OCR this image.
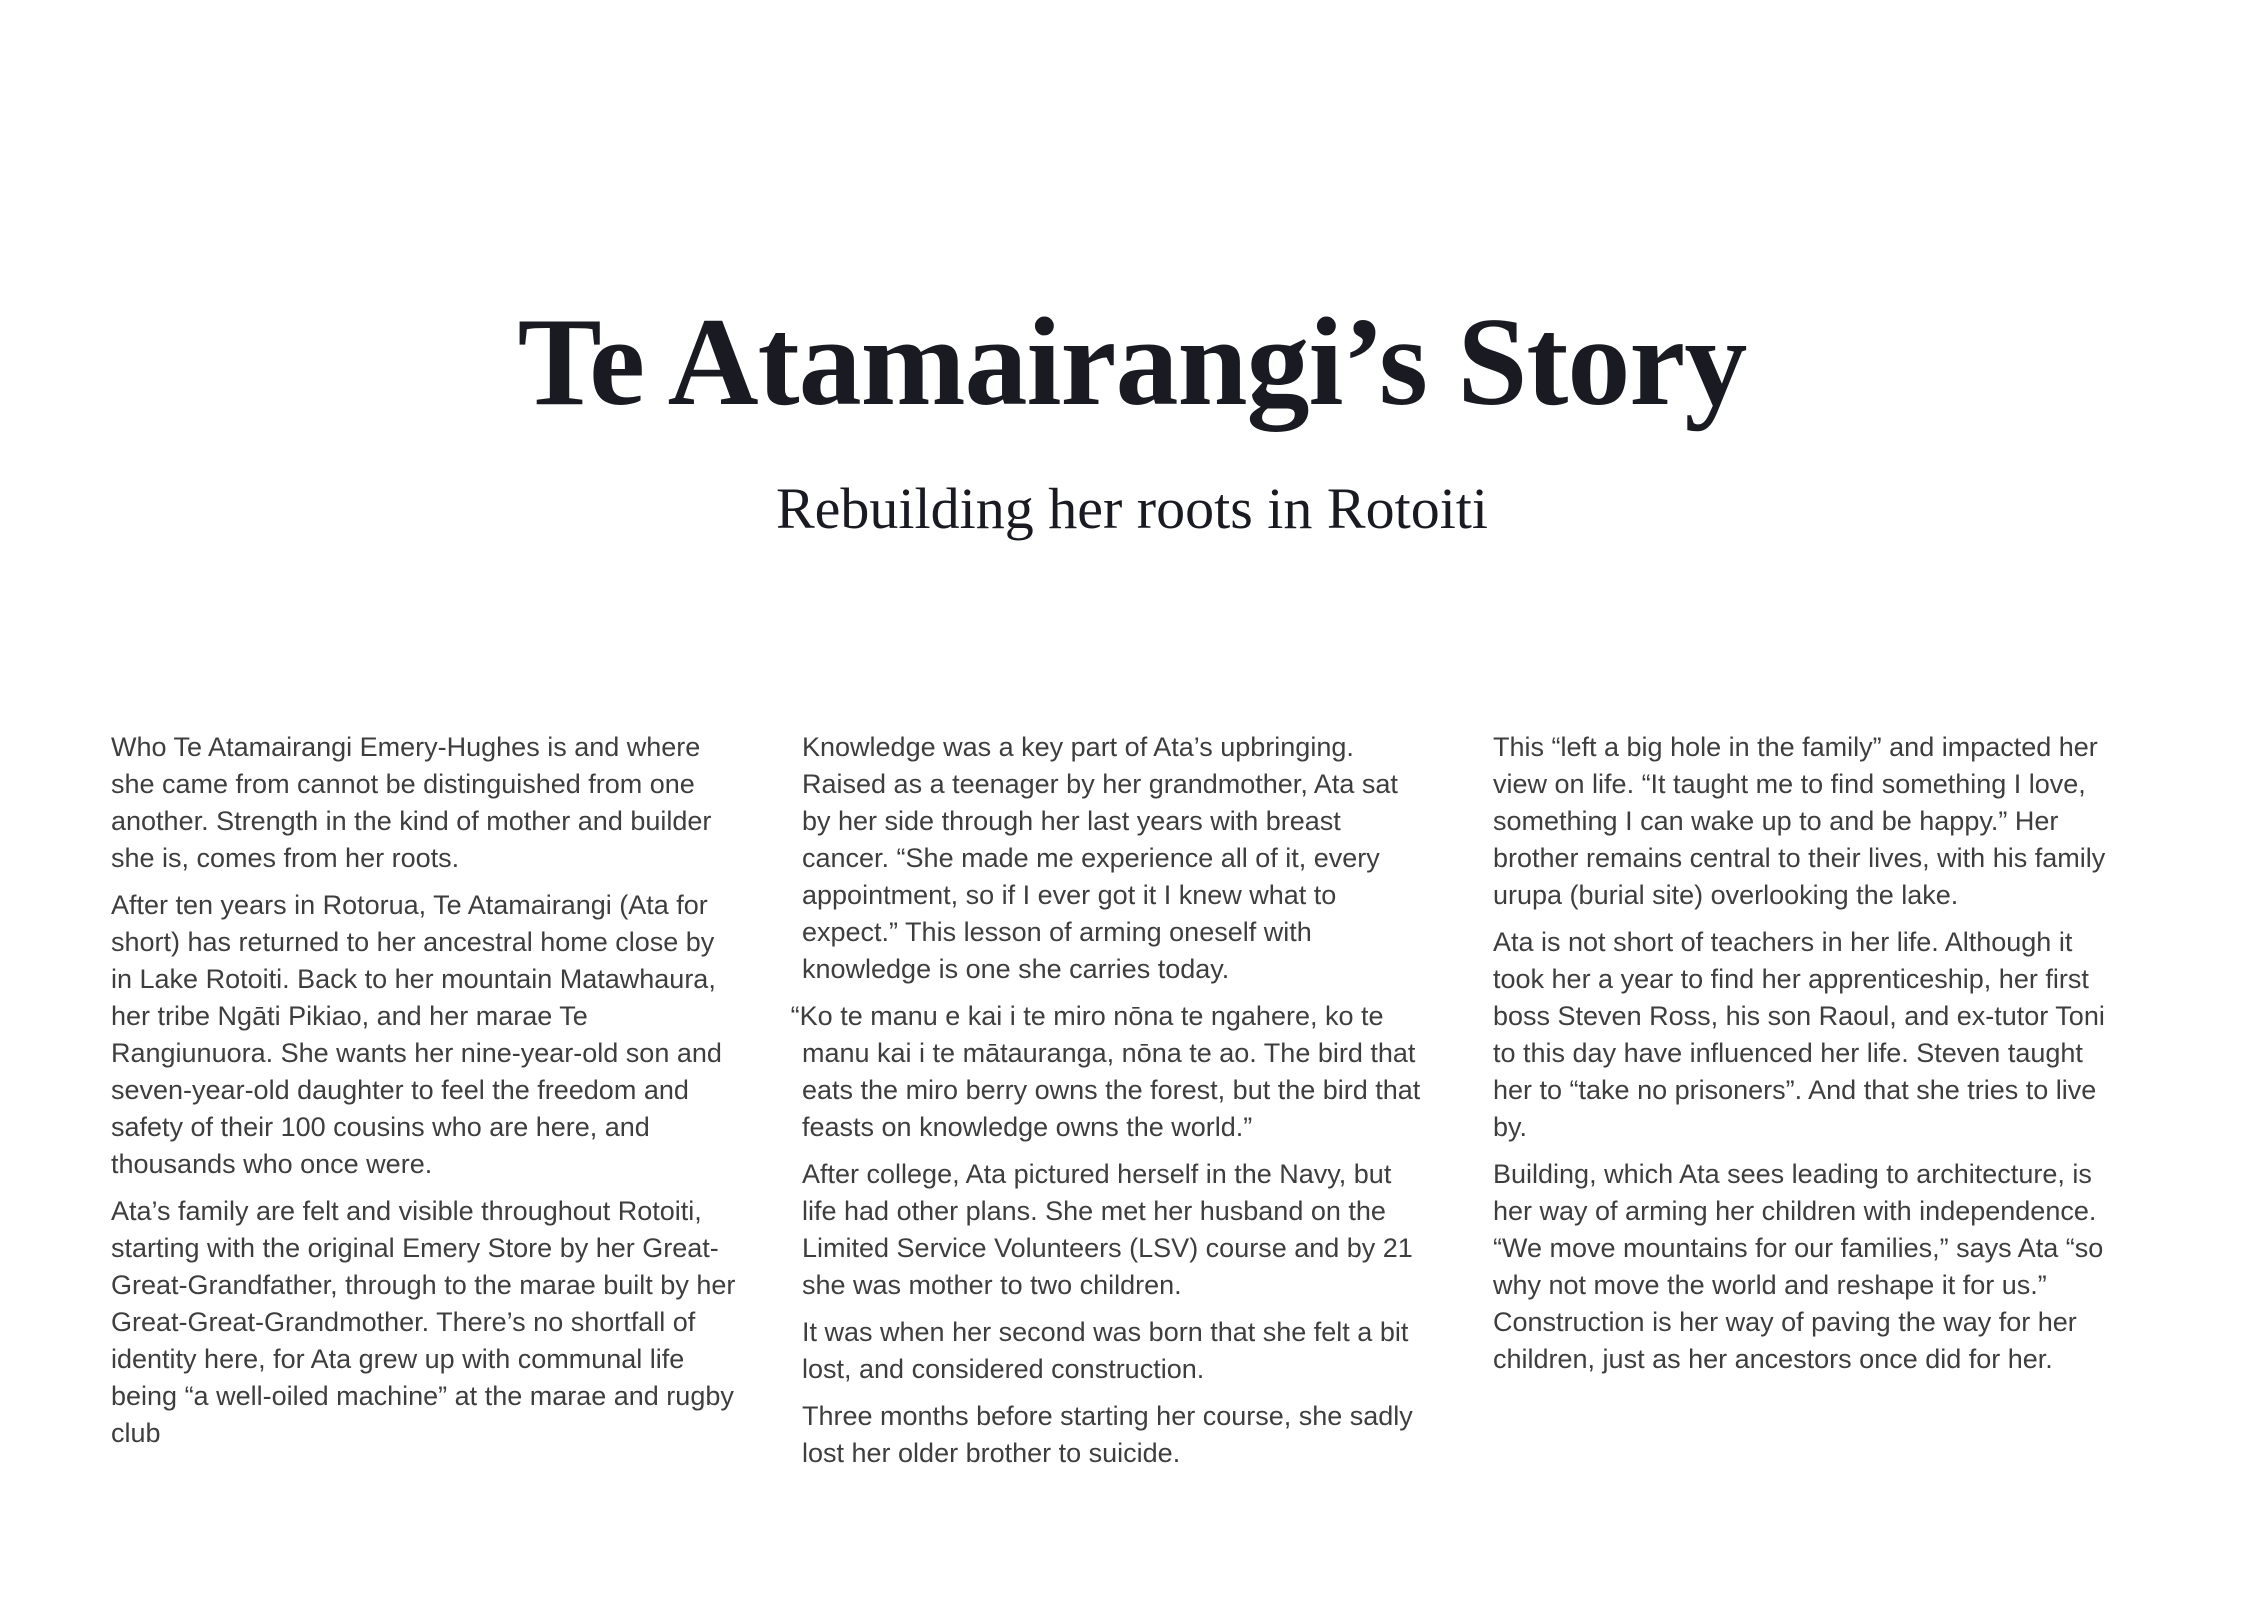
Te Atamairangi’s Story
Rebuilding her roots in Rotoiti

Who Te Atamairangi Emery-Hughes is and where she came from cannot be distinguished from one another. Strength in the kind of mother and builder she is, comes from her roots.

After ten years in Rotorua, Te Atamairangi (Ata for short) has returned to her ancestral home close by in Lake Rotoiti. Back to her mountain Matawhaura, her tribe Ngāti Pikiao, and her marae Te Rangiunuora. She wants her nine-year-old son and seven-year-old daughter to feel the freedom and safety of their 100 cousins who are here, and thousands who once were.

Ata’s family are felt and visible throughout Rotoiti, starting with the original Emery Store by her Great-Great-Grandfather, through to the marae built by her Great-Great-Grandmother. There’s no shortfall of identity here, for Ata grew up with communal life being “a well-oiled machine” at the marae and rugby club

Knowledge was a key part of Ata’s upbringing. Raised as a teenager by her grandmother, Ata sat by her side through her last years with breast cancer. “She made me experience all of it, every appointment, so if I ever got it I knew what to expect.” This lesson of arming oneself with knowledge is one she carries today.

“Ko te manu e kai i te miro nōna te ngahere, ko te manu kai i te mātauranga, nōna te ao. The bird that eats the miro berry owns the forest, but the bird that feasts on knowledge owns the world.”

After college, Ata pictured herself in the Navy, but life had other plans. She met her husband on the Limited Service Volunteers (LSV) course and by 21 she was mother to two children.

It was when her second was born that she felt a bit lost, and considered construction.

Three months before starting her course, she sadly lost her older brother to suicide.

This “left a big hole in the family” and impacted her view on life. “It taught me to find something I love, something I can wake up to and be happy.” Her brother remains central to their lives, with his family urupa (burial site) overlooking the lake.

Ata is not short of teachers in her life. Although it took her a year to find her apprenticeship, her first boss Steven Ross, his son Raoul, and ex-tutor Toni to this day have influenced her life. Steven taught her to “take no prisoners”. And that she tries to live by.

Building, which Ata sees leading to architecture, is her way of arming her children with independence. “We move mountains for our families,” says Ata “so why not move the world and reshape it for us.” Construction is her way of paving the way for her children, just as her ancestors once did for her.
